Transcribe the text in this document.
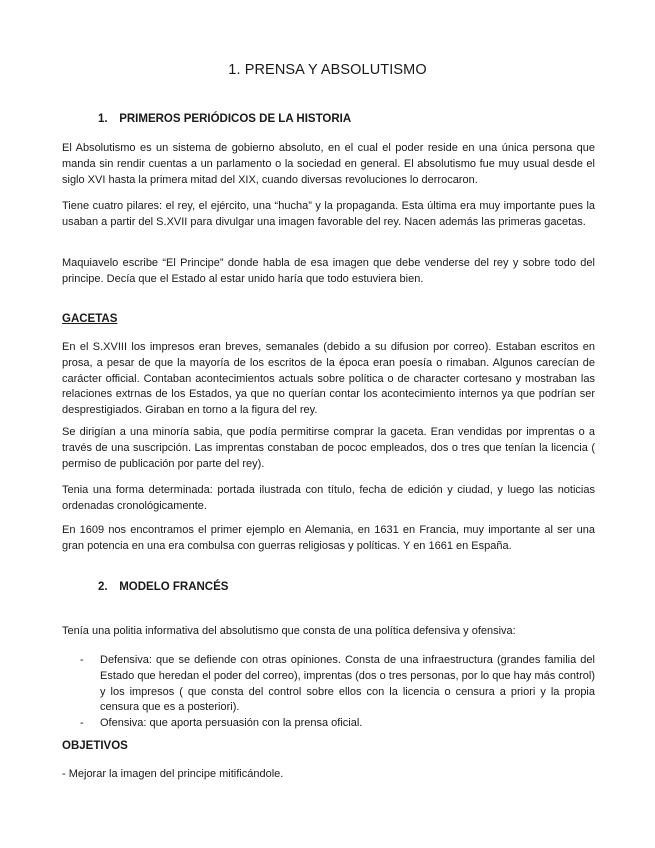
1. PRENSA Y ABSOLUTISMO
1. PRIMEROS PERIÓDICOS DE LA HISTORIA

El Absolutismo es un sistema de gobierno absoluto, en el cual el poder reside en una única persona que manda sin rendir cuentas a un parlamento o la sociedad en general. El absolutismo fue muy usual desde el siglo XVI hasta la primera mitad del XIX, cuando diversas revoluciones lo derrocaron.

Tiene cuatro pilares: el rey, el ejército, una “hucha” y la propaganda. Esta última era muy importante pues la usaban a partir del S.XVII para divulgar una imagen favorable del rey. Nacen además las primeras gacetas.

Maquiavelo escribe “El Principe” donde habla de esa imagen que debe venderse del rey y sobre todo del principe. Decía que el Estado al estar unido haría que todo estuviera bien.

GACETAS

En el S.XVIII los impresos eran breves, semanales (debido a su difusion por correo). Estaban escritos en prosa, a pesar de que la mayoría de los escritos de la época eran poesía o rimaban. Algunos carecían de carácter official. Contaban acontecimientos actuals sobre política o de character cortesano y mostraban las relaciones extrnas de los Estados, ya que no querían contar los acontecimiento internos ya que podrían ser desprestigiados. Giraban en torno a la figura del rey.

Se dirigían a una minoría sabia, que podía permitirse comprar la gaceta. Eran vendidas por imprentas o a través de una suscripción. Las imprentas constaban de pococ empleados, dos o tres que tenían la licencia ( permiso de publicación por parte del rey).

Tenia una forma determinada: portada ilustrada con título, fecha de edición y ciudad, y luego las noticias ordenadas cronológicamente.

En 1609 nos encontramos el primer ejemplo en Alemania, en 1631 en Francia, muy importante al ser una gran potencia en una era combulsa con guerras religiosas y políticas. Y en 1661 en España.

2. MODELO FRANCÉS

Tenía una politia informativa del absolutismo que consta de una política defensiva y ofensiva:

- Defensiva: que se defiende con otras opiniones. Consta de una infraestructura (grandes familia del Estado que heredan el poder del correo), imprentas (dos o tres personas, por lo que hay más control) y los impresos ( que consta del control sobre ellos con la licencia o censura a priori y la propia censura que es a posteriori).
- Ofensiva: que aporta persuasión con la prensa oficial.
OBJETIVOS

- Mejorar la imagen del principe mitificándole.
